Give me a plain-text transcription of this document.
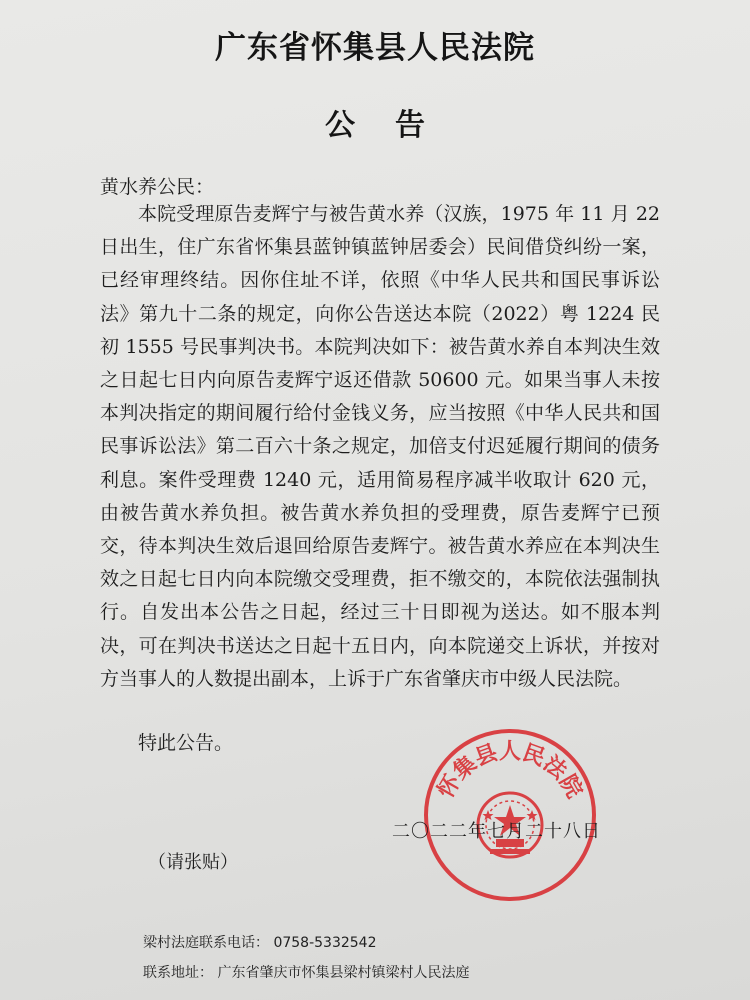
广东省怀集县人民法院
公告
黄水养公民：

本院受理原告麦辉宁与被告黄水养（汉族，1975 年 11 月 22 日出生，住广东省怀集县蓝钟镇蓝钟居委会）民间借贷纠纷一案，已经审理终结。因你住址不详，依照《中华人民共和国民事诉讼法》第九十二条的规定，向你公告送达本院（2022）粤 1224 民初 1555 号民事判决书。本院判决如下：被告黄水养自本判决生效之日起七日内向原告麦辉宁返还借款 50600 元。如果当事人未按本判决指定的期间履行给付金钱义务，应当按照《中华人民共和国民事诉讼法》第二百六十条之规定，加倍支付迟延履行期间的债务利息。案件受理费 1240 元，适用简易程序减半收取计 620 元，由被告黄水养负担。被告黄水养负担的受理费，原告麦辉宁已预交，待本判决生效后退回给原告麦辉宁。被告黄水养应在本判决生效之日起七日内向本院缴交受理费，拒不缴交的，本院依法强制执行。自发出本公告之日起，经过三十日即视为送达。如不服本判决，可在判决书送达之日起十五日内，向本院递交上诉状，并按对方当事人的人数提出副本，上诉于广东省肇庆市中级人民法院。

特此公告。
怀集县人民法院
二〇二二年七月二十八日
（请张贴）
梁村法庭联系电话： 0758-5332542
联系地址： 广东省肇庆市怀集县梁村镇梁村人民法庭
